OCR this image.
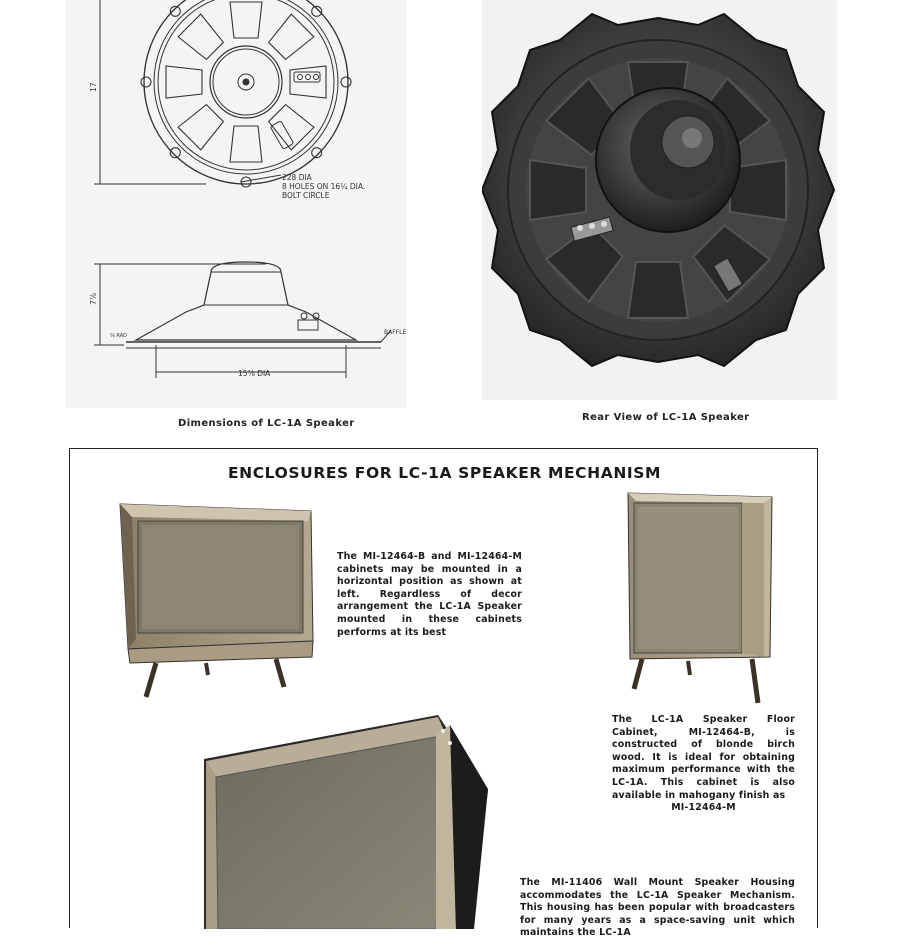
17
228 DIA
8 HOLES ON 16¼ DIA.
BOLT CIRCLE
7⅞
BAFFLE
⅜ RAD
15⅞ DIA
Dimensions of LC-1A Speaker
Rear View of LC-1A Speaker
ENCLOSURES FOR LC-1A SPEAKER MECHANISM
The MI-12464-B and MI-12464-M cabinets may be mounted in a horizontal position as shown at left. Regardless of decor arrangement the LC-1A Speaker mounted in these cabinets performs at its best
The LC-1A Speaker Floor Cabinet, MI-12464-B, is constructed of blonde birch wood. It is ideal for obtaining maximum performance with the LC-1A. This cabinet is also available in mahogany finish as
MI-12464-M
The MI-11406 Wall Mount Speaker Housing accommodates the LC-1A Speaker Mechanism. This housing has been popular with broadcasters for many years as a space-saving unit which maintains the LC-1A
